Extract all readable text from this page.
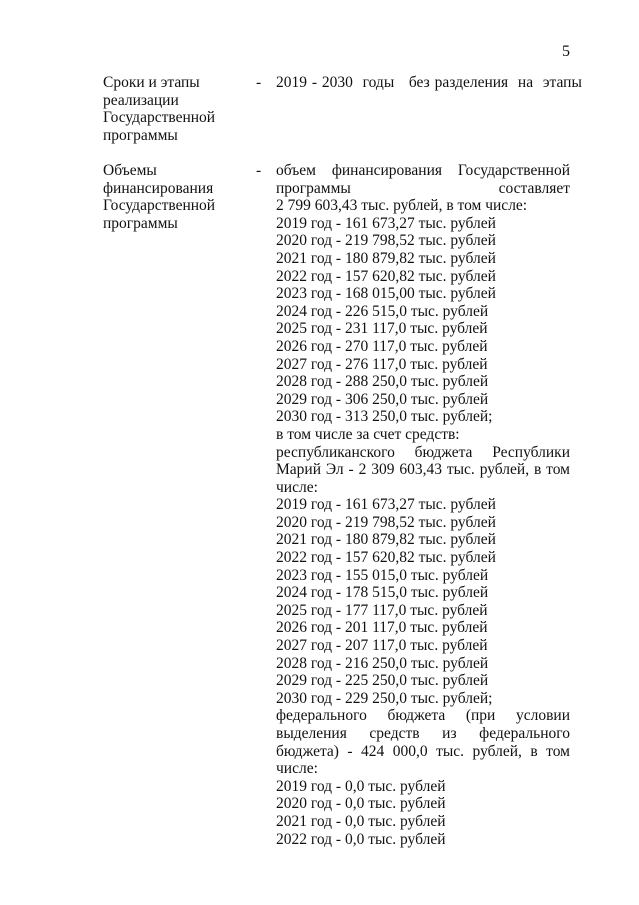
5
Сроки и этапы
реализации
Государственной
программы
- 2019 - 2030  годы   без разделения  на  этапы
Объемы
финансирования
Государственной
программы
- объем финансирования Государственной
программы составляет
2 799 603,43 тыс. рублей, в том числе:
2019 год - 161 673,27 тыс. рублей
2020 год - 219 798,52 тыс. рублей
2021 год - 180 879,82 тыс. рублей
2022 год - 157 620,82 тыс. рублей
2023 год - 168 015,00 тыс. рублей
2024 год - 226 515,0 тыс. рублей
2025 год - 231 117,0 тыс. рублей
2026 год - 270 117,0 тыс. рублей
2027 год - 276 117,0 тыс. рублей
2028 год - 288 250,0 тыс. рублей
2029 год - 306 250,0 тыс. рублей
2030 год - 313 250,0 тыс. рублей;
в том числе за счет средств:
республиканского бюджета Республики
Марий Эл - 2 309 603,43 тыс. рублей, в том
числе:
2019 год - 161 673,27 тыс. рублей
2020 год - 219 798,52 тыс. рублей
2021 год - 180 879,82 тыс. рублей
2022 год - 157 620,82 тыс. рублей
2023 год - 155 015,0 тыс. рублей
2024 год - 178 515,0 тыс. рублей
2025 год - 177 117,0 тыс. рублей
2026 год - 201 117,0 тыс. рублей
2027 год - 207 117,0 тыс. рублей
2028 год - 216 250,0 тыс. рублей
2029 год - 225 250,0 тыс. рублей
2030 год - 229 250,0 тыс. рублей;
федерального бюджета (при условии
выделения средств из федерального
бюджета) - 424 000,0 тыс. рублей, в том
числе:
2019 год - 0,0 тыс. рублей
2020 год - 0,0 тыс. рублей
2021 год - 0,0 тыс. рублей
2022 год - 0,0 тыс. рублей
